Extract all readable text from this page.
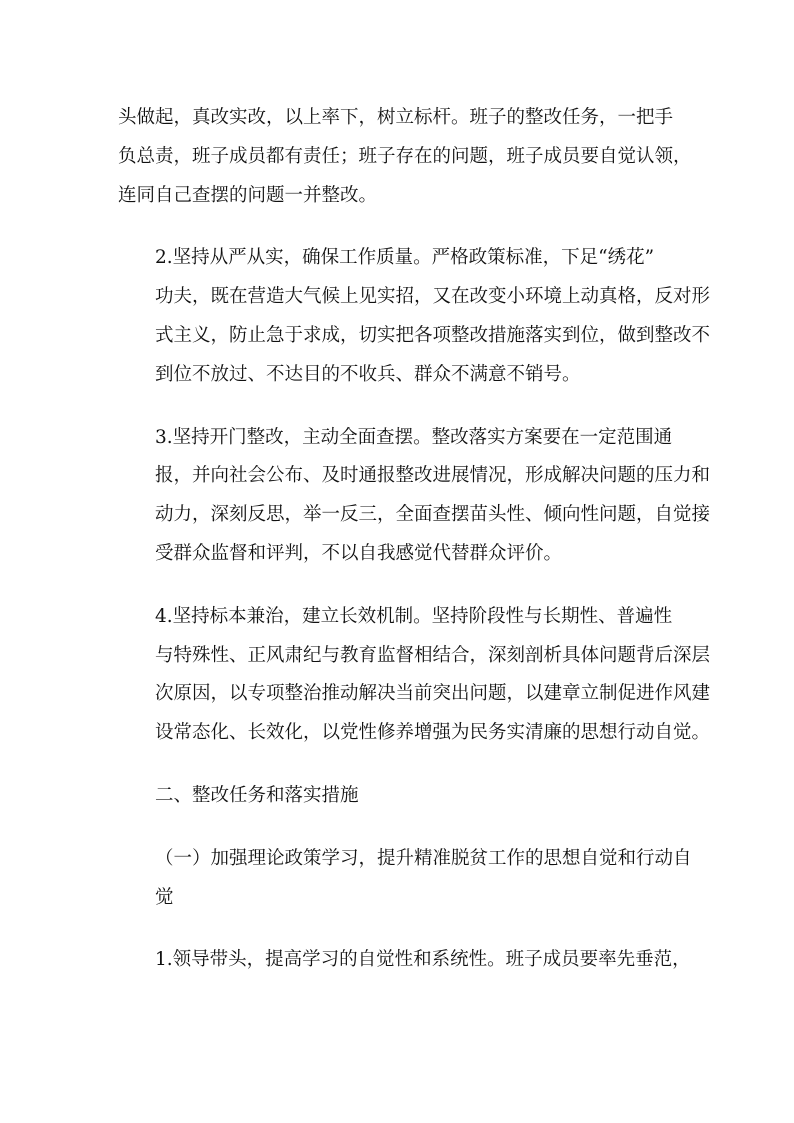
头做起，真改实改，以上率下，树立标杆。班子的整改任务，一把手
负总责，班子成员都有责任；班子存在的问题，班子成员要自觉认领，
连同自己查摆的问题一并整改。

2.坚持从严从实，确保工作质量。严格政策标准，下足“绣花”
功夫，既在营造大气候上见实招，又在改变小环境上动真格，反对形
式主义，防止急于求成，切实把各项整改措施落实到位，做到整改不
到位不放过、不达目的不收兵、群众不满意不销号。

3.坚持开门整改，主动全面查摆。整改落实方案要在一定范围通
报，并向社会公布、及时通报整改进展情况，形成解决问题的压力和
动力，深刻反思，举一反三，全面查摆苗头性、倾向性问题，自觉接
受群众监督和评判，不以自我感觉代替群众评价。

4.坚持标本兼治，建立长效机制。坚持阶段性与长期性、普遍性
与特殊性、正风肃纪与教育监督相结合，深刻剖析具体问题背后深层
次原因，以专项整治推动解决当前突出问题，以建章立制促进作风建
设常态化、长效化，以党性修养增强为民务实清廉的思想行动自觉。

二、整改任务和落实措施

（一）加强理论政策学习，提升精准脱贫工作的思想自觉和行动自
觉

1.领导带头，提高学习的自觉性和系统性。班子成员要率先垂范，
